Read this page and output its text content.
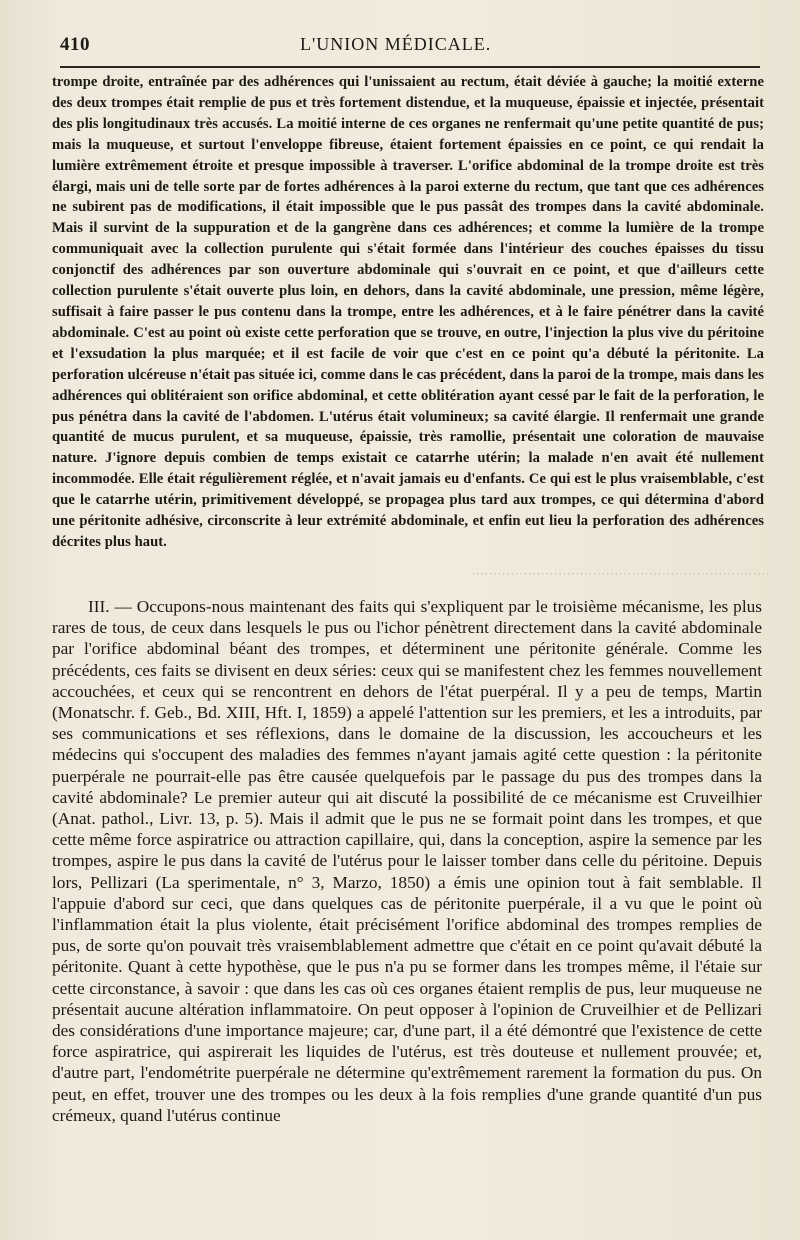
410	L'UNION MÉDICALE.

trompe droite, entraînée par des adhérences qui l'unissaient au rectum, était déviée à gauche; la moitié externe des deux trompes était remplie de pus et très fortement distendue, et la muqueuse, épaissie et injectée, présentait des plis longitudinaux très accusés. La moitié interne de ces organes ne renfermait qu'une petite quantité de pus; mais la muqueuse, et surtout l'enveloppe fibreuse, étaient fortement épaissies en ce point, ce qui rendait la lumière extrêmement étroite et presque impossible à traverser. L'orifice abdominal de la trompe droite est très élargi, mais uni de telle sorte par de fortes adhérences à la paroi externe du rectum, que tant que ces adhérences ne subirent pas de modifications, il était impossible que le pus passât des trompes dans la cavité abdominale. Mais il survint de la suppuration et de la gangrène dans ces adhérences; et comme la lumière de la trompe communiquait avec la collection purulente qui s'était formée dans l'intérieur des couches épaisses du tissu conjonctif des adhérences par son ouverture abdominale qui s'ouvrait en ce point, et que d'ailleurs cette collection purulente s'était ouverte plus loin, en dehors, dans la cavité abdominale, une pression, même légère, suffisait à faire passer le pus contenu dans la trompe, entre les adhérences, et à le faire pénétrer dans la cavité abdominale. C'est au point où existe cette perforation que se trouve, en outre, l'injection la plus vive du péritoine et l'exsudation la plus marquée; et il est facile de voir que c'est en ce point qu'a débuté la péritonite. La perforation ulcéreuse n'était pas située ici, comme dans le cas précédent, dans la paroi de la trompe, mais dans les adhérences qui oblitéraient son orifice abdominal, et cette oblitération ayant cessé par le fait de la perforation, le pus pénétra dans la cavité de l'abdomen. L'utérus était volumineux; sa cavité élargie. Il renfermait une grande quantité de mucus purulent, et sa muqueuse, épaissie, très ramollie, présentait une coloration de mauvaise nature. J'ignore depuis combien de temps existait ce catarrhe utérin; la malade n'en avait été nullement incommodée. Elle était régulièrement réglée, et n'avait jamais eu d'enfants. Ce qui est le plus vraisemblable, c'est que le catarrhe utérin, primitivement développé, se propagea plus tard aux trompes, ce qui détermina d'abord une péritonite adhésive, circonscrite à leur extrémité abdominale, et enfin eut lieu la perforation des adhérences décrites plus haut.

·····································································

III. — Occupons-nous maintenant des faits qui s'expliquent par le troisième mécanisme, les plus rares de tous, de ceux dans lesquels le pus ou l'ichor pénètrent directement dans la cavité abdominale par l'orifice abdominal béant des trompes, et déterminent une péritonite générale. Comme les précédents, ces faits se divisent en deux séries: ceux qui se manifestent chez les femmes nouvellement accouchées, et ceux qui se rencontrent en dehors de l'état puerpéral. Il y a peu de temps, Martin (Monatschr. f. Geb., Bd. XIII, Hft. I, 1859) a appelé l'attention sur les premiers, et les a introduits, par ses communications et ses réflexions, dans le domaine de la discussion, les accoucheurs et les médecins qui s'occupent des maladies des femmes n'ayant jamais agité cette question : la péritonite puerpérale ne pourrait-elle pas être causée quelquefois par le passage du pus des trompes dans la cavité abdominale? Le premier auteur qui ait discuté la possibilité de ce mécanisme est Cruveilhier (Anat. pathol., Livr. 13, p. 5). Mais il admit que le pus ne se formait point dans les trompes, et que cette même force aspiratrice ou attraction capillaire, qui, dans la conception, aspire la semence par les trompes, aspire le pus dans la cavité de l'utérus pour le laisser tomber dans celle du péritoine. Depuis lors, Pellizari (La sperimentale, n° 3, Marzo, 1850) a émis une opinion tout à fait semblable. Il l'appuie d'abord sur ceci, que dans quelques cas de péritonite puerpérale, il a vu que le point où l'inflammation était la plus violente, était précisément l'orifice abdominal des trompes remplies de pus, de sorte qu'on pouvait très vraisemblablement admettre que c'était en ce point qu'avait débuté la péritonite. Quant à cette hypothèse, que le pus n'a pu se former dans les trompes même, il l'étaie sur cette circonstance, à savoir : que dans les cas où ces organes étaient remplis de pus, leur muqueuse ne présentait aucune altération inflammatoire. On peut opposer à l'opinion de Cruveilhier et de Pellizari des considérations d'une importance majeure; car, d'une part, il a été démontré que l'existence de cette force aspiratrice, qui aspirerait les liquides de l'utérus, est très douteuse et nullement prouvée; et, d'autre part, l'endométrite puerpérale ne détermine qu'extrêmement rarement la formation du pus. On peut, en effet, trouver une des trompes ou les deux à la fois remplies d'une grande quantité d'un pus crémeux, quand l'utérus continue
